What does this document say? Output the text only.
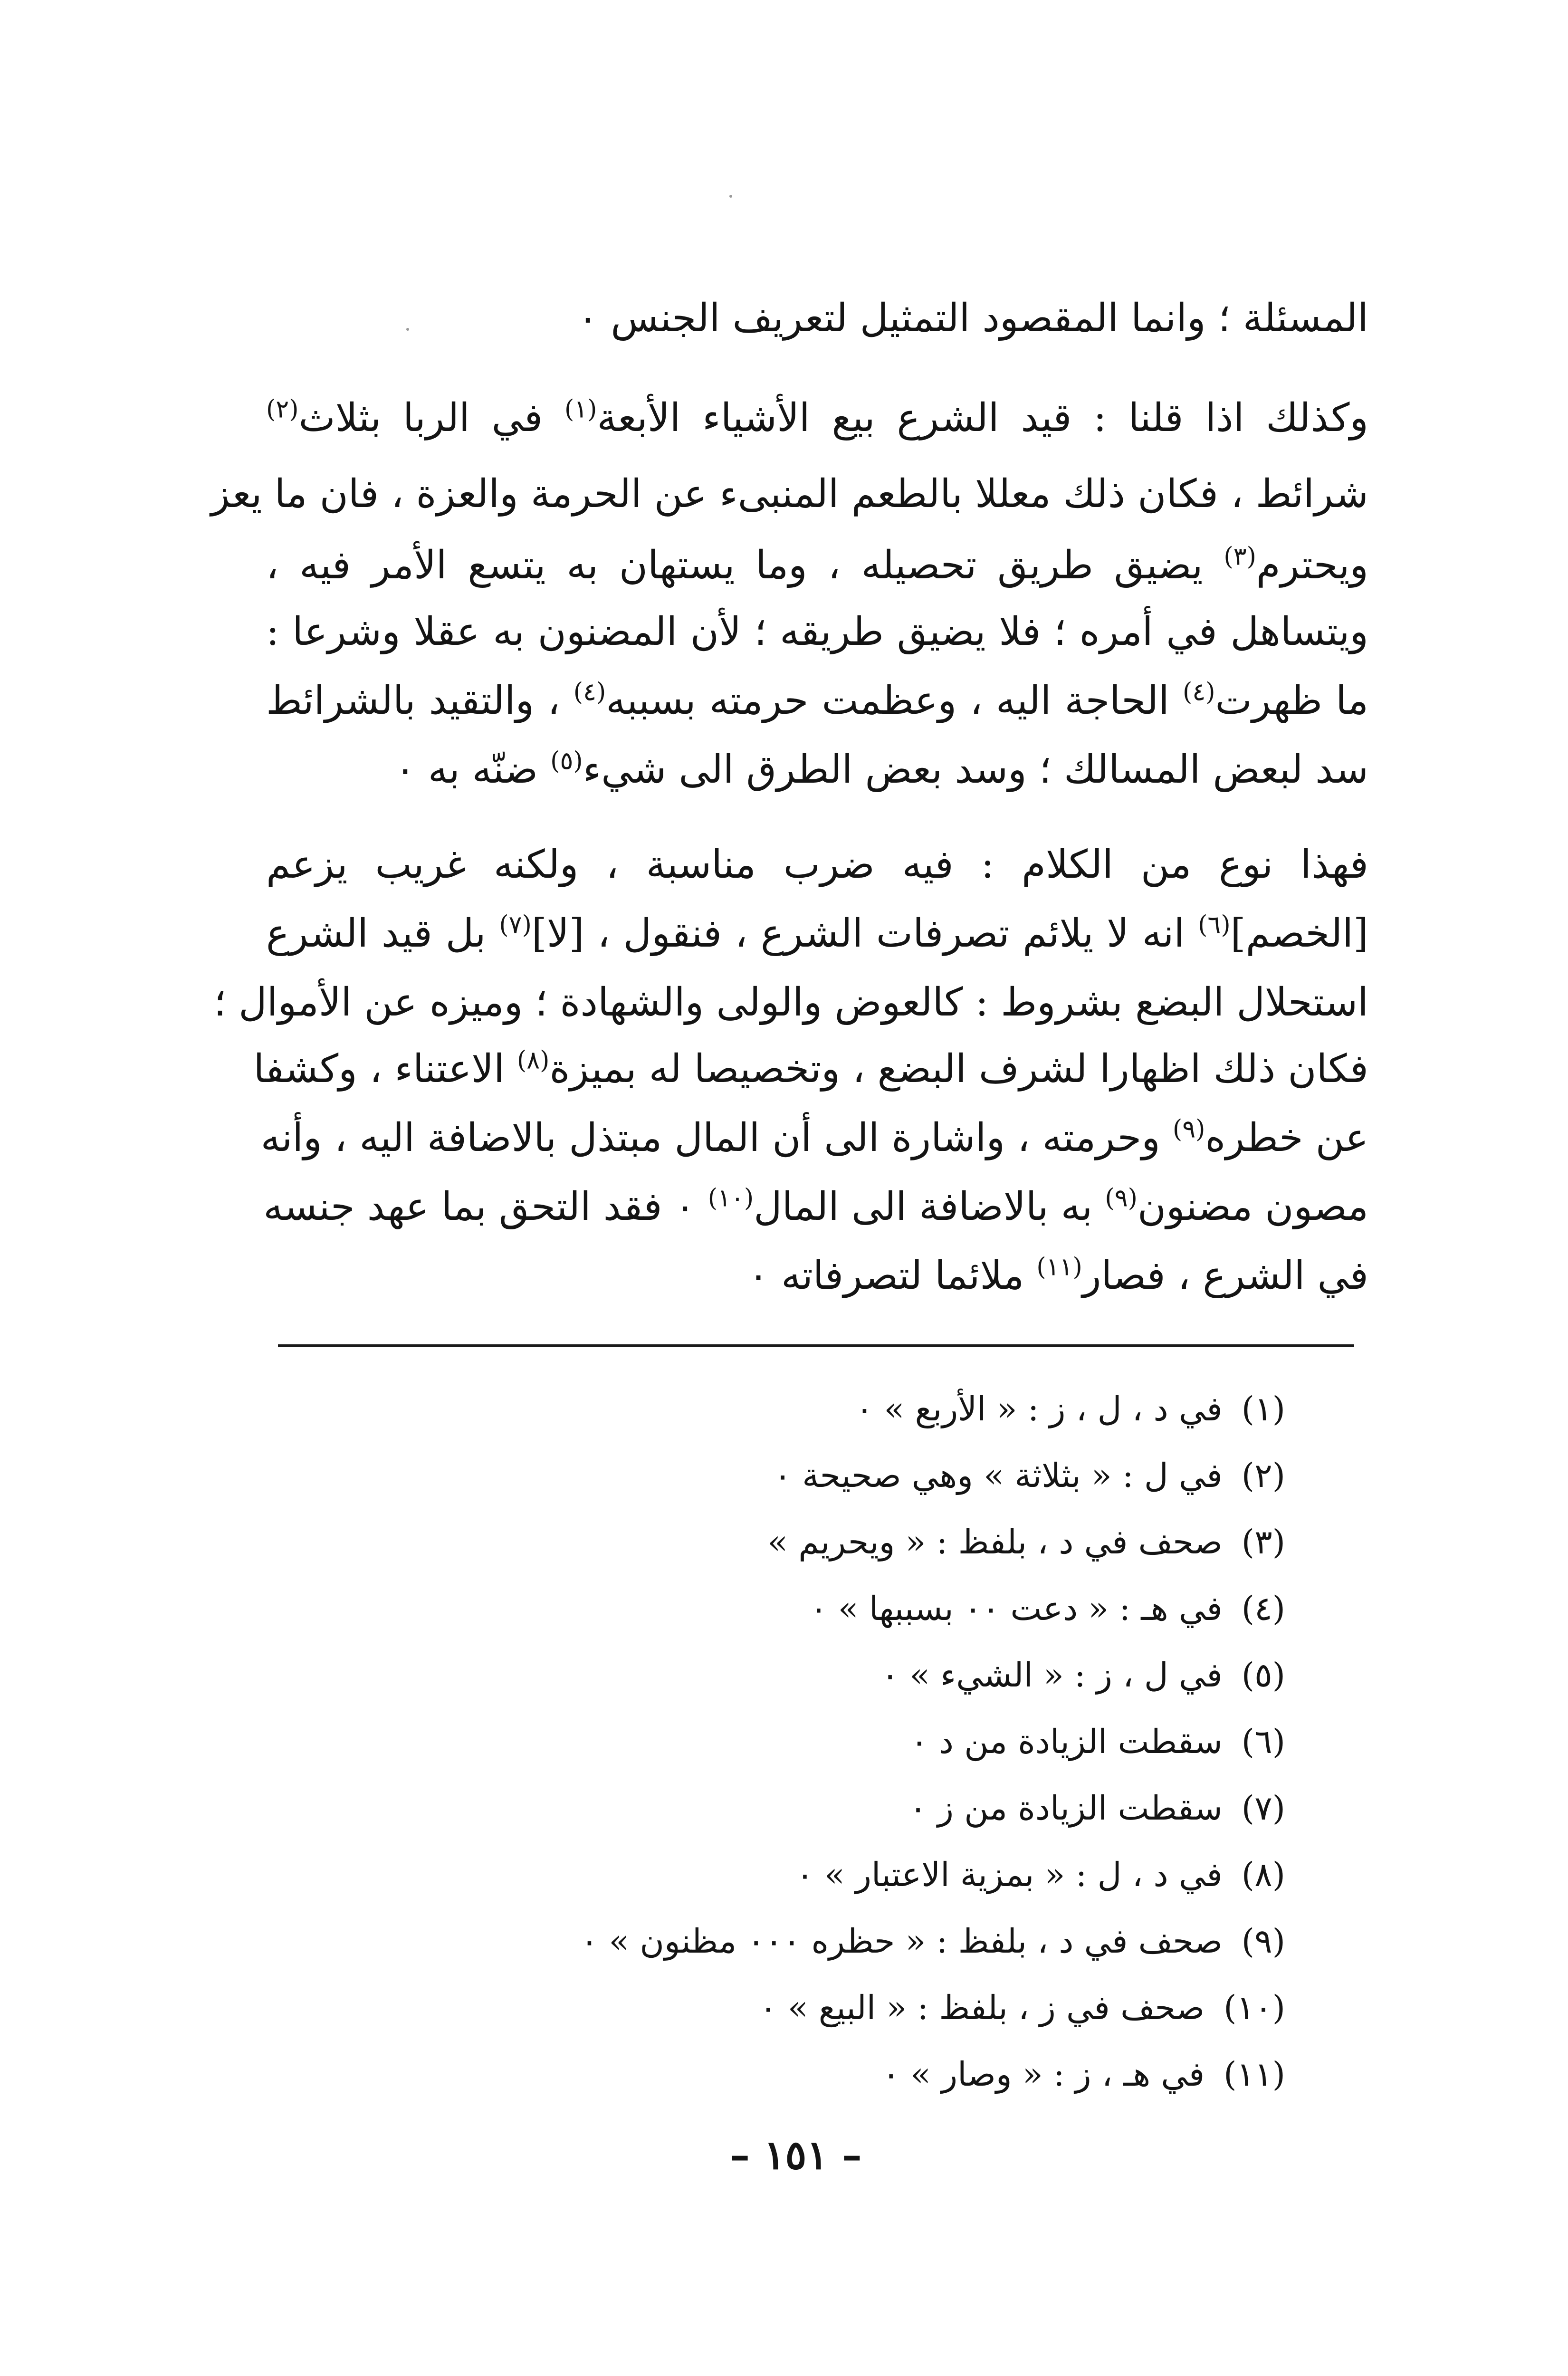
المسئلة ؛ وانما المقصود التمثيل لتعريف الجنس ٠
وكذلك اذا قلنا : قيد الشرع بيع الأشياء الأبعة$^{(١)}$ في الربا بثلاث$^{(٢)}$
شرائط ، فكان ذلك معللا بالطعم المنبىء عن الحرمة والعزة ، فان ما يعز
ويحترم$^{(٣)}$ يضيق طريق تحصيله ، وما يستهان به يتسع الأمر فيه ،
ويتساهل في أمره ؛ فلا يضيق طريقه ؛ لأن المضنون به عقلا وشرعا :
ما ظهرت$^{(٤)}$ الحاجة اليه ، وعظمت حرمته بسببه$^{(٤)}$ ، والتقيد بالشرائط
سد لبعض المسالك ؛ وسد بعض الطرق الى شيء$^{(٥)}$ ضنّه به ٠
فهذا نوع من الكلام : فيه ضرب مناسبة ، ولكنه غريب يزعم
[الخصم]$^{(٦)}$ انه لا يلائم تصرفات الشرع ، فنقول ، [لا]$^{(٧)}$ بل قيد الشرع
استحلال البضع بشروط : كالعوض والولى والشهادة ؛ وميزه عن الأموال ؛
فكان ذلك اظهارا لشرف البضع ، وتخصيصا له بميزة$^{(٨)}$ الاعتناء ، وكشفا
عن خطره$^{(٩)}$ وحرمته ، واشارة الى أن المال مبتذل بالاضافة اليه ، وأنه
مصون مضنون$^{(٩)}$ به بالاضافة الى المال$^{(١٠)}$ ٠ فقد التحق بما عهد جنسه
في الشرع ، فصار$^{(١١)}$ ملائما لتصرفاته ٠
(١)في د ، ل ، ز : « الأربع » ٠
(٢)في ل : « بثلاثة » وهي صحيحة ٠
(٣)صحف في د ، بلفظ : « ويحريم »
(٤)في هـ : « دعت ٠٠ بسببها » ٠
(٥)في ل ، ز : « الشيء » ٠
(٦)سقطت الزيادة من د ٠
(٧)سقطت الزيادة من ز ٠
(٨)في د ، ل : « بمزية الاعتبار » ٠
(٩)صحف في د ، بلفظ : « حظره ٠٠٠ مظنون » ٠
(١٠)صحف في ز ، بلفظ : « البيع » ٠
(١١)في هـ ، ز : « وصار » ٠
– ١٥١ –
